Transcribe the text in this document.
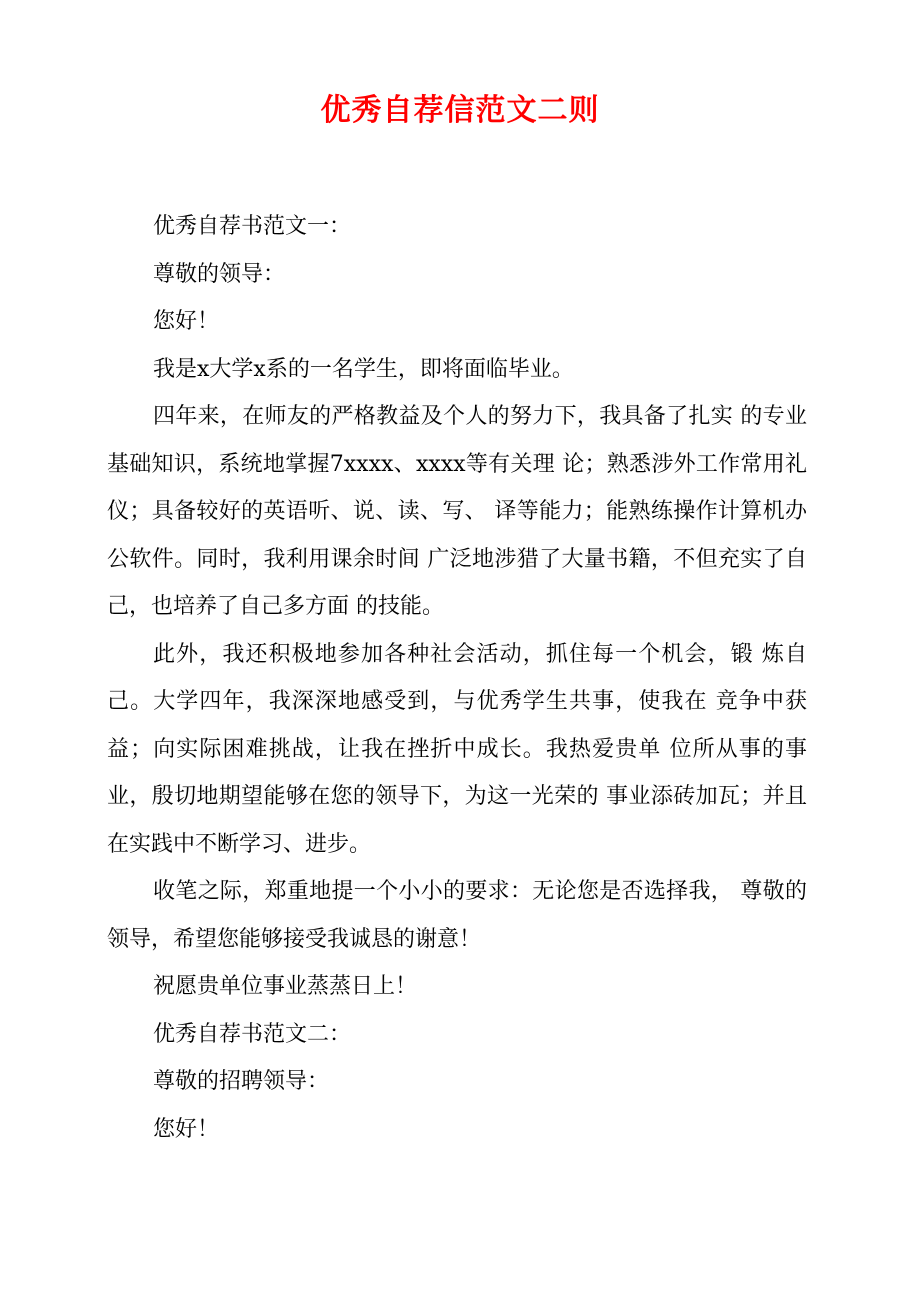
优秀自荐信范文二则

优秀自荐书范文一：

尊敬的领导：

您好！

我是x大学x系的一名学生，即将面临毕业。

四年来，在师友的严格教益及个人的努力下，我具备了扎实 的专业基础知识，系统地掌握7xxxx、xxxx等有关理 论；熟悉涉外工作常用礼仪；具备较好的英语听、说、读、写、 译等能力；能熟练操作计算机办公软件。同时，我利用课余时间 广泛地涉猎了大量书籍，不但充实了自己，也培养了自己多方面 的技能。

此外，我还积极地参加各种社会活动，抓住每一个机会，锻 炼自己。大学四年，我深深地感受到，与优秀学生共事，使我在 竞争中获益；向实际困难挑战，让我在挫折中成长。我热爱贵单 位所从事的事业，殷切地期望能够在您的领导下，为这一光荣的 事业添砖加瓦；并且在实践中不断学习、进步。

收笔之际，郑重地提一个小小的要求：无论您是否选择我， 尊敬的领导，希望您能够接受我诚恳的谢意！

祝愿贵单位事业蒸蒸日上！

优秀自荐书范文二：

尊敬的招聘领导：

您好！
